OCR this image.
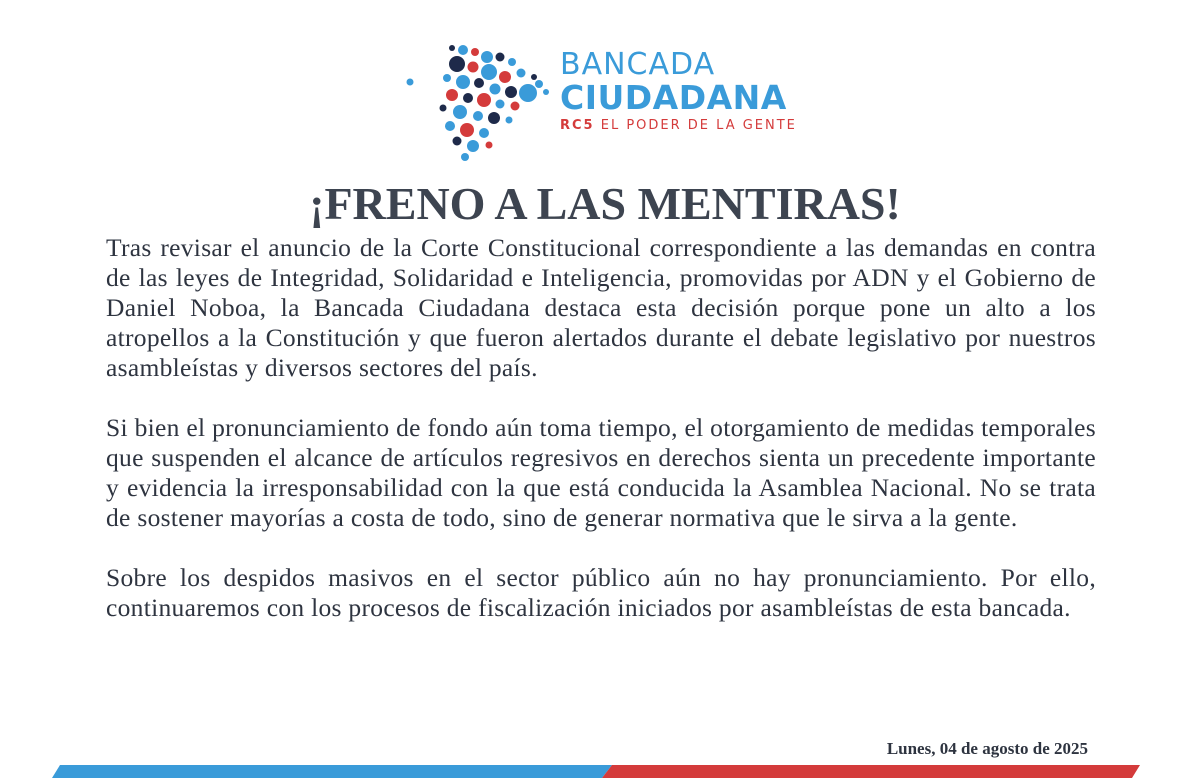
BANCADA
CIUDADANA
RC5 EL PODER DE LA GENTE
¡FRENO A LAS MENTIRAS!

Tras revisar el anuncio de la Corte Constitucional correspondiente a las demandas en contra de las leyes de Integridad, Solidaridad e Inteligencia, promovidas por ADN y el Gobierno de Daniel Noboa, la Bancada Ciudadana destaca esta decisión porque pone un alto a los atropellos a la Constitución y que fueron alertados durante el debate legislativo por nuestros asambleístas y diversos sectores del país.

Si bien el pronunciamiento de fondo aún toma tiempo, el otorgamiento de medidas temporales que suspenden el alcance de artículos regresivos en derechos sienta un precedente importante y evidencia la irresponsabilidad con la que está conducida la Asamblea Nacional. No se trata de sostener mayorías a costa de todo, sino de generar normativa que le sirva a la gente.

Sobre los despidos masivos en el sector público aún no hay pronunciamiento. Por ello, continuaremos con los procesos de fiscalización iniciados por asambleístas de esta bancada.

Lunes, 04 de agosto de 2025
